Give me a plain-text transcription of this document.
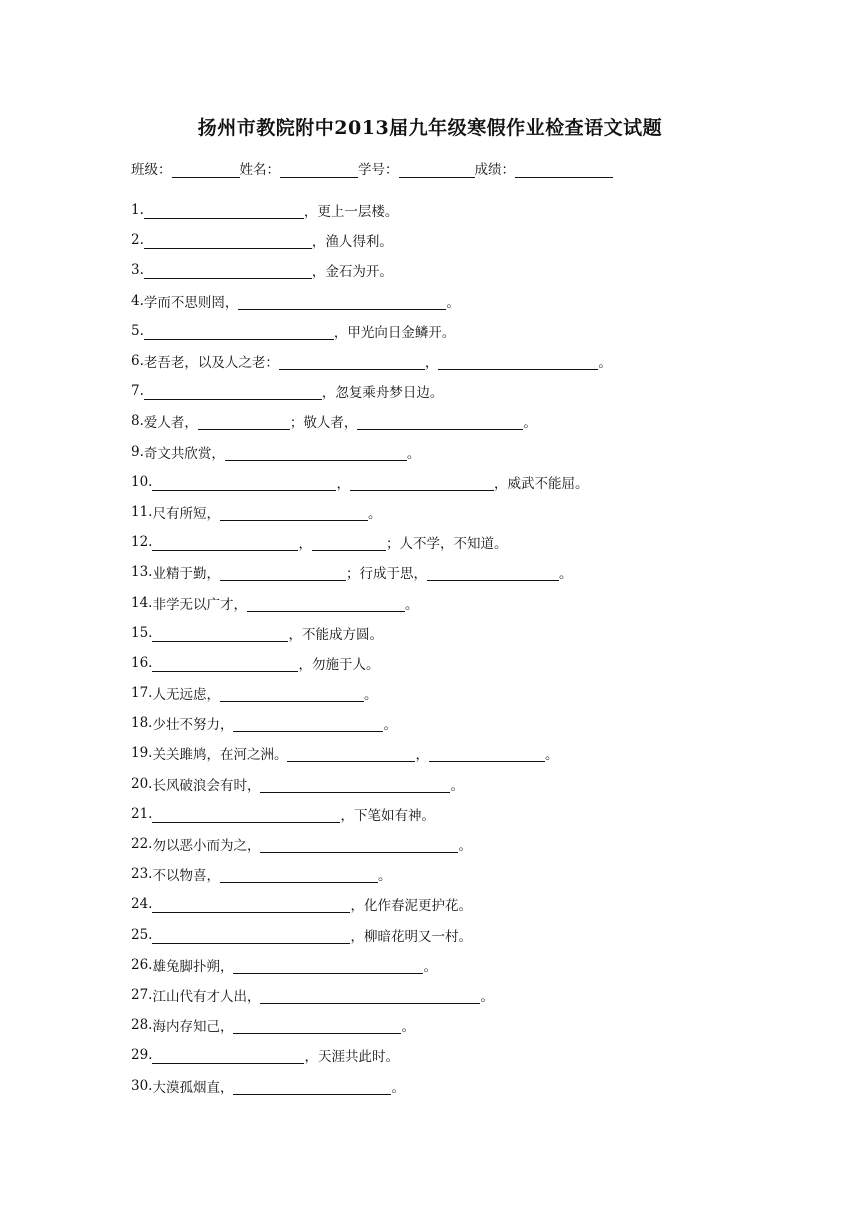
扬州市教院附中2013届九年级寒假作业检查语文试题
班级：	姓名：	学号：	成绩：
1.	，更上一层楼。
2.	，渔人得利。
3.	，金石为开。
4. 学而不思则罔，	。
5.	，甲光向日金鳞开。
6. 老吾老，以及人之老：	，	。
7.	，忽复乘舟梦日边。
8. 爱人者，	；敬人者，	。
9. 奇文共欣赏，	。
10.	，	，威武不能屈。
11. 尺有所短，	。
12.	，	；人不学，不知道。
13. 业精于勤，	；行成于思，	。
14. 非学无以广才，	。
15.	，不能成方圆。
16.	，勿施于人。
17. 人无远虑，	。
18. 少壮不努力，	。
19. 关关雎鸠，在河之洲。	，	。
20. 长风破浪会有时，	。
21.	，下笔如有神。
22. 勿以恶小而为之，	。
23. 不以物喜，	。
24.	，化作春泥更护花。
25.	，柳暗花明又一村。
26. 雄兔脚扑朔，	。
27. 江山代有才人出，	。
28. 海内存知己，	。
29.	，天涯共此时。
30. 大漠孤烟直，	。
